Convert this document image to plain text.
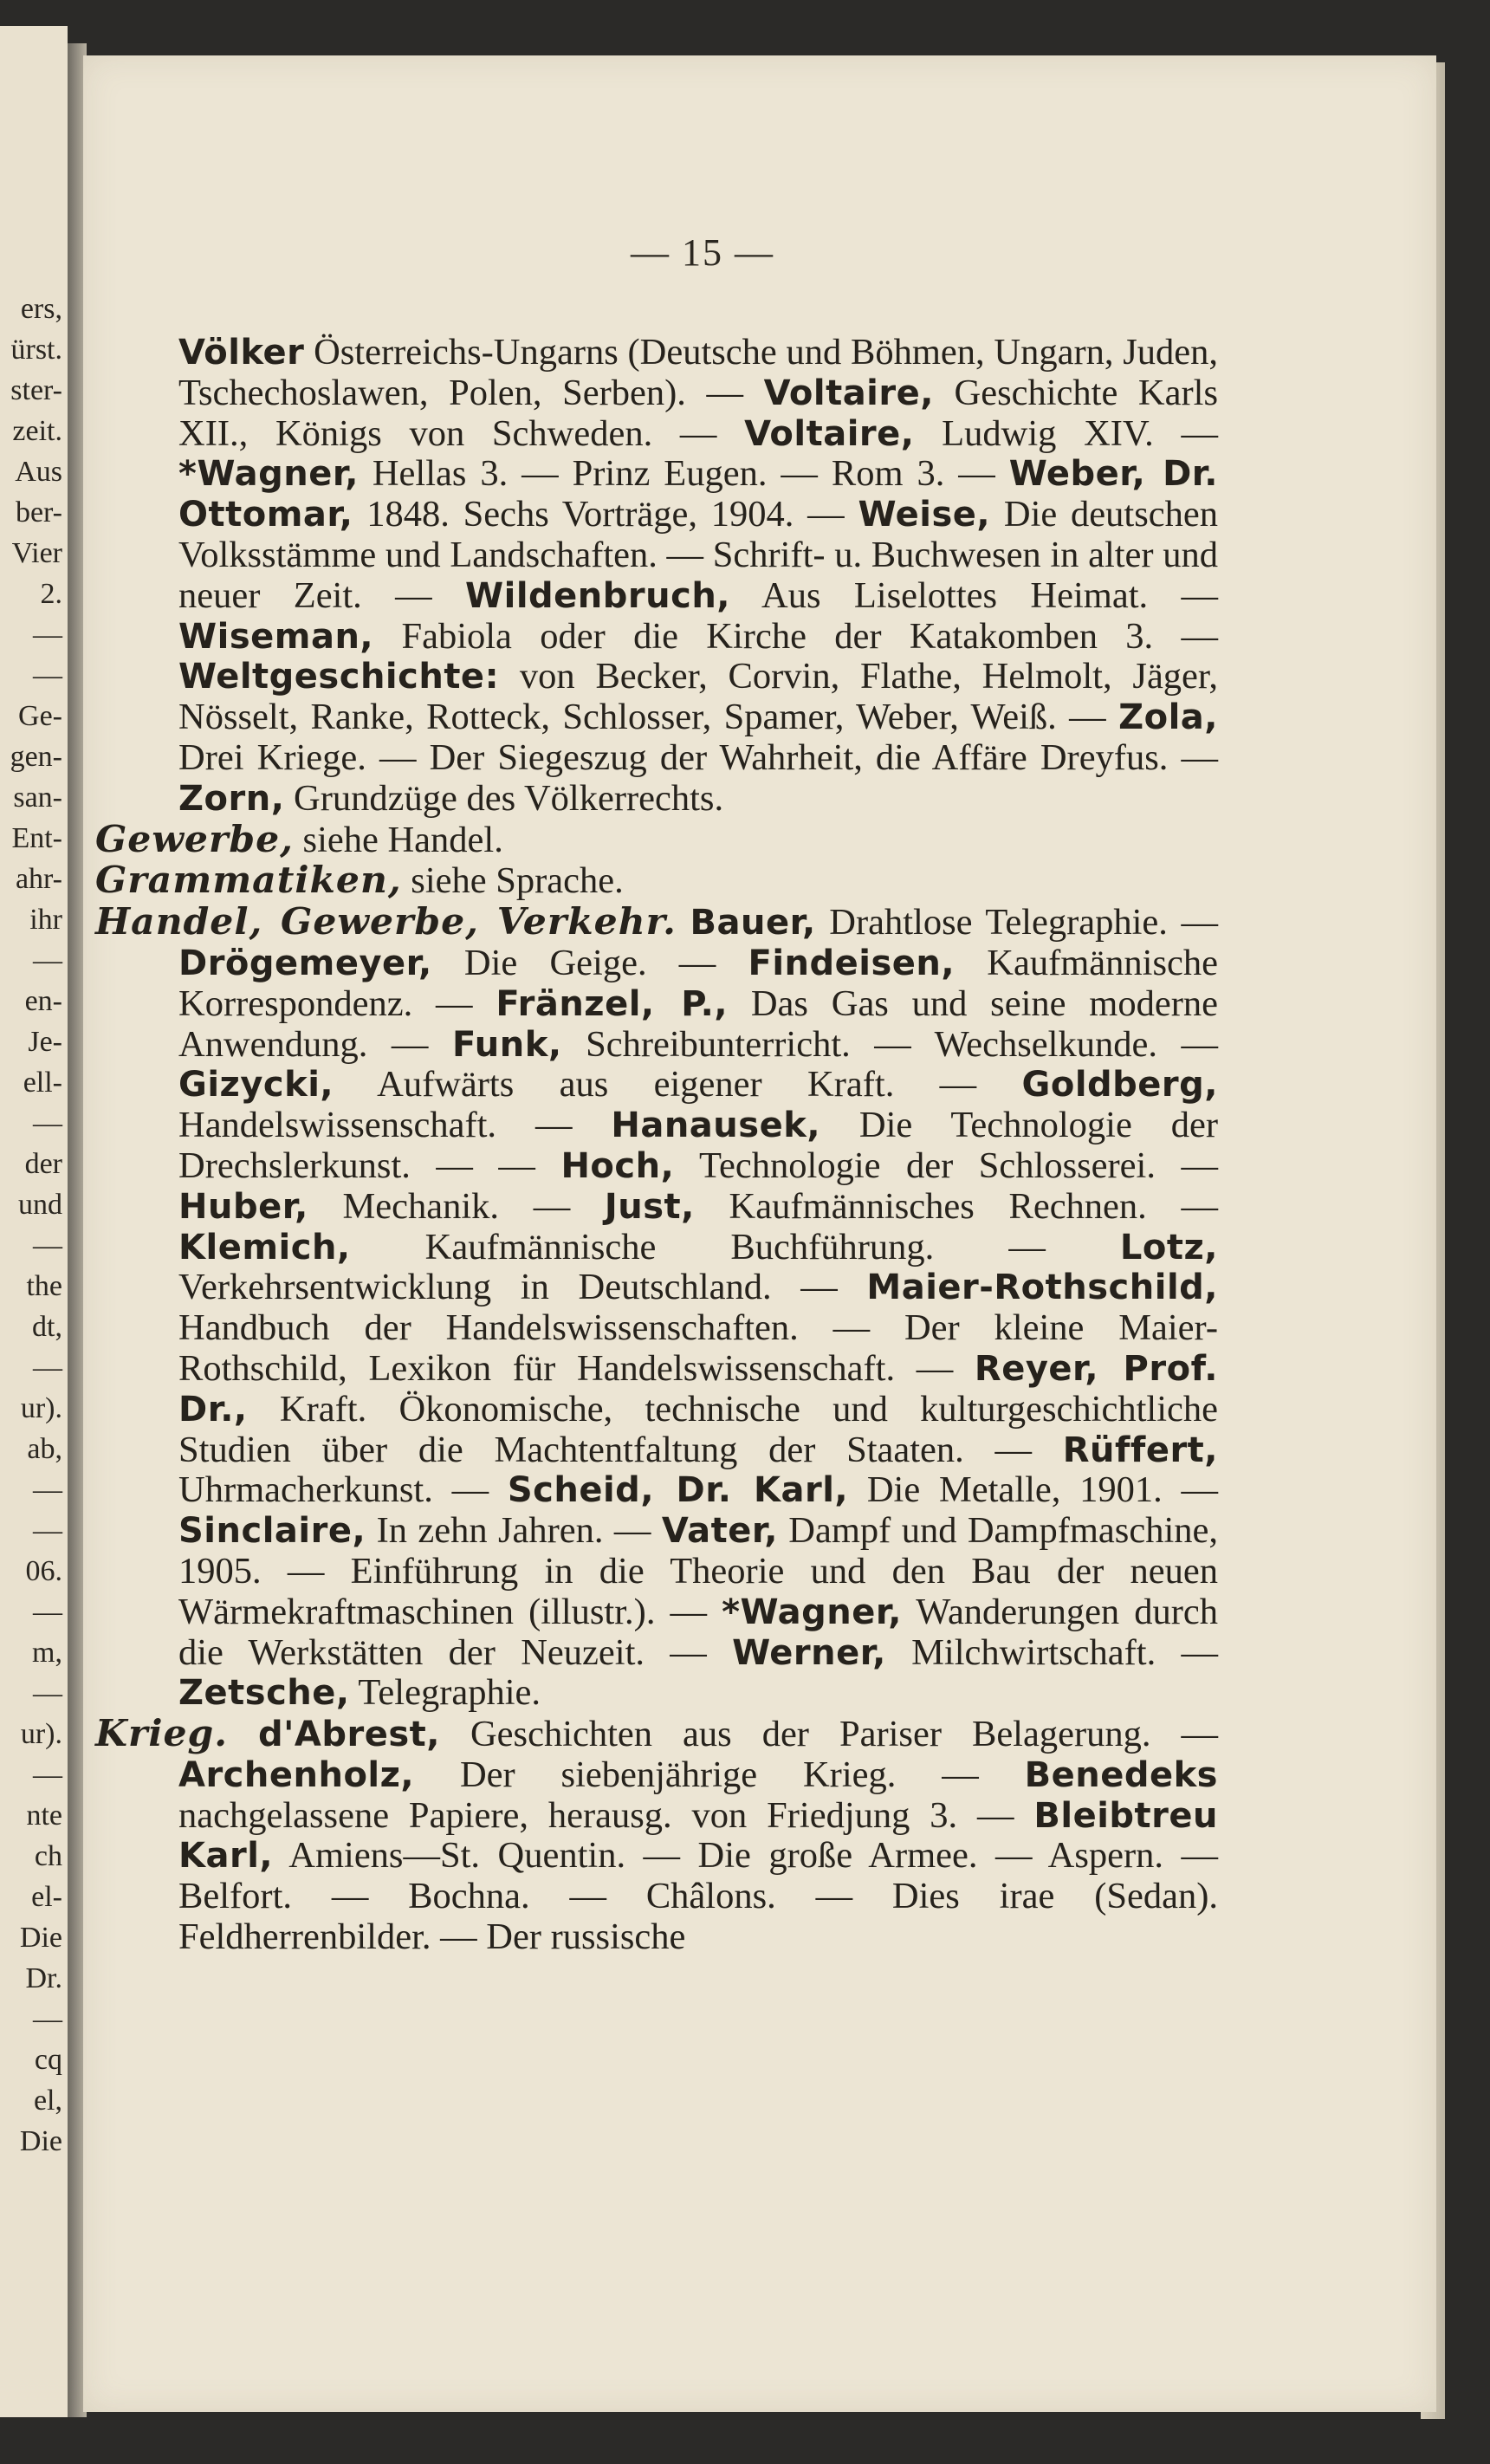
ers,
ürst.
ster-
zeit.
Aus
ber-
Vier
2.
—
—
Ge-
gen-
san-
Ent-
ahr-
ihr
—
en-
Je-
ell-
—
der
und
—
the
dt,
—
ur).
ab,
—
—
06.
—
m,
—
ur).
—
nte
ch
el-
Die
Dr.
—
cq
el,
Die
— 15 —

Völker Österreichs-Ungarns (Deutsche und Böhmen, Ungarn, Juden, Tschechoslawen, Polen, Serben). — Voltaire, Geschichte Karls XII., Königs von Schweden. — Voltaire, Ludwig XIV. — *Wagner, Hellas 3. — Prinz Eugen. — Rom 3. — Weber, Dr. Ottomar, 1848. Sechs Vorträge, 1904. — Weise, Die deutschen Volksstämme und Landschaften. — Schrift- u. Buchwesen in alter und neuer Zeit. — Wildenbruch, Aus Liselottes Heimat. — Wiseman, Fabiola oder die Kirche der Katakomben 3. — Weltgeschichte: von Becker, Corvin, Flathe, Helmolt, Jäger, Nösselt, Ranke, Rotteck, Schlosser, Spamer, Weber, Weiß. — Zola, Drei Kriege. — Der Siegeszug der Wahrheit, die Affäre Dreyfus. — Zorn, Grundzüge des Völkerrechts.

Gewerbe, siehe Handel.

Grammatiken, siehe Sprache.

Handel, Gewerbe, Verkehr. Bauer, Drahtlose Telegraphie. — Drögemeyer, Die Geige. — Findeisen, Kaufmännische Korrespondenz. — Fränzel, P., Das Gas und seine moderne Anwendung. — Funk, Schreibunterricht. — Wechselkunde. — Gizycki, Aufwärts aus eigener Kraft. — Goldberg, Handelswissenschaft. — Hanausek, Die Technologie der Drechslerkunst. — — Hoch, Technologie der Schlosserei. — Huber, Mechanik. — Just, Kaufmännisches Rechnen. — Klemich, Kaufmännische Buchführung. — Lotz, Verkehrsentwicklung in Deutschland. — Maier-Rothschild, Handbuch der Handelswissenschaften. — Der kleine Maier-Rothschild, Lexikon für Handelswissenschaft. — Reyer, Prof. Dr., Kraft. Ökonomische, technische und kulturgeschichtliche Studien über die Machtentfaltung der Staaten. — Rüffert, Uhrmacherkunst. — Scheid, Dr. Karl, Die Metalle, 1901. — Sinclaire, In zehn Jahren. — Vater, Dampf und Dampfmaschine, 1905. — Einführung in die Theorie und den Bau der neuen Wärmekraftmaschinen (illustr.). — *Wagner, Wanderungen durch die Werkstätten der Neuzeit. — Werner, Milchwirtschaft. — Zetsche, Telegraphie.

Krieg. d'Abrest, Geschichten aus der Pariser Belagerung. — Archenholz, Der siebenjährige Krieg. — Benedeks nachgelassene Papiere, herausg. von Friedjung 3. — Bleibtreu Karl, Amiens—St. Quentin. — Die große Armee. — Aspern. — Belfort. — Bochna. — Châlons. — Dies irae (Sedan). Feldherrenbilder. — Der russische
